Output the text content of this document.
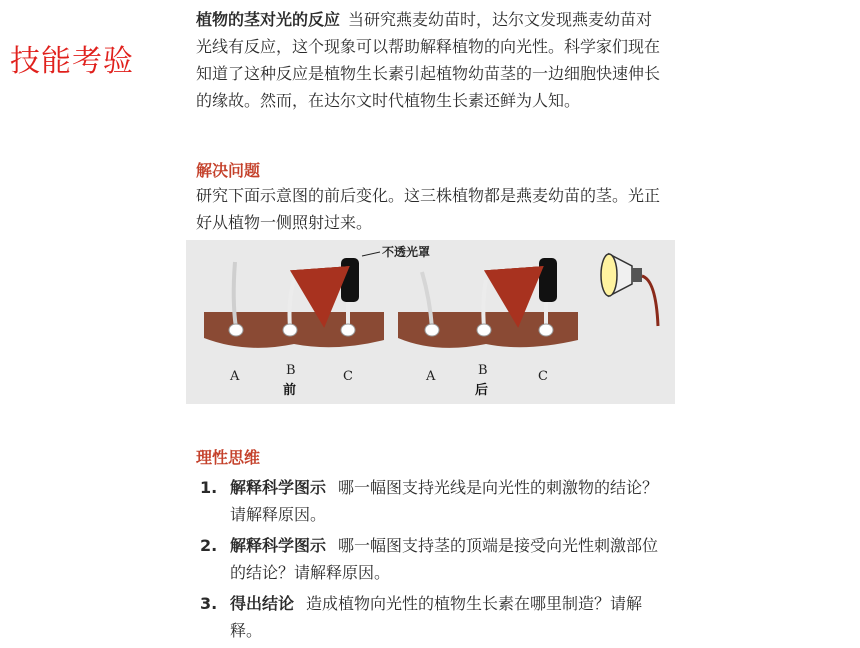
技能考验
植物的茎对光的反应 当研究燕麦幼苗时，达尔文发现燕麦幼苗对光线有反应，这个现象可以帮助解释植物的向光性。科学家们现在知道了这种反应是植物生长素引起植物幼苗茎的一边细胞快速伸长的缘故。然而，在达尔文时代植物生长素还鲜为人知。
解决问题
研究下面示意图的前后变化。这三株植物都是燕麦幼苗的茎。光正好从植物一侧照射过来。
不透光罩
A	B	C
前
A	B	C
后
理性思维
1. 解释科学图示 哪一幅图支持光线是向光性的刺激物的结论？请解释原因。
2. 解释科学图示 哪一幅图支持茎的顶端是接受向光性刺激部位的结论？请解释原因。
3. 得出结论 造成植物向光性的植物生长素在哪里制造？请解释。
